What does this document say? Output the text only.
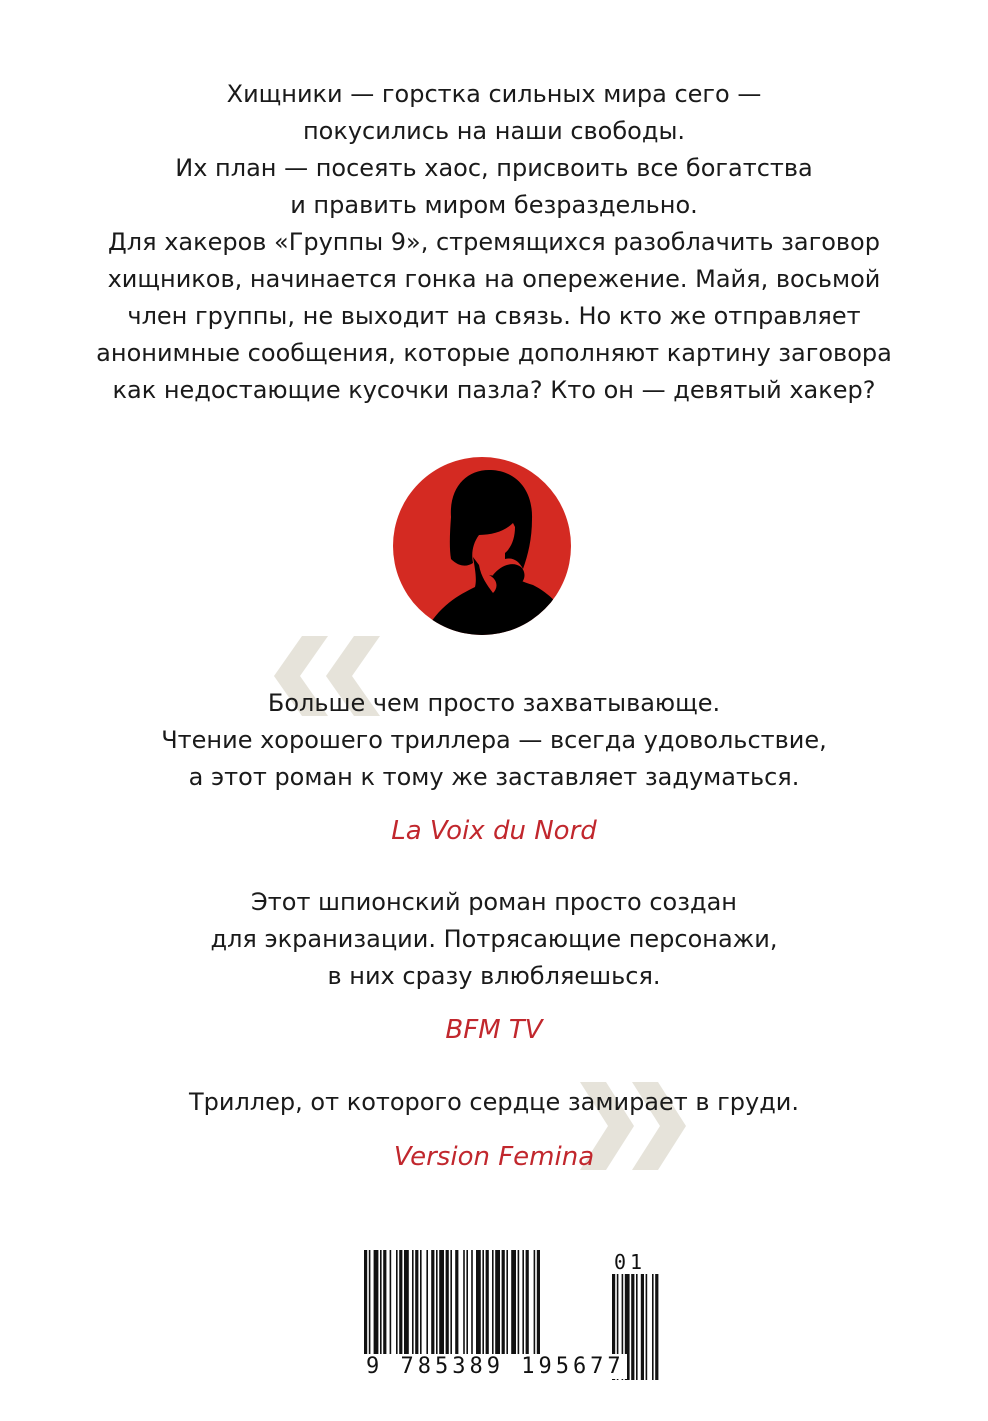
Хищники — горстка сильных мира сего —
покусились на наши свободы.
Их план — посеять хаос, присвоить все богатства
и править миром безраздельно.
Для хакеров «Группы 9», стремящихся разоблачить заговор
хищников, начинается гонка на опережение. Майя, восьмой
член группы, не выходит на связь. Но кто же отправляет
анонимные сообщения, которые дополняют картину заговора
как недостающие кусочки пазла? Кто он — девятый хакер?
Больше чем просто захватывающе.
Чтение хорошего триллера — всегда удовольствие,
а этот роман к тому же заставляет задуматься.
La Voix du Nord
Этот шпионский роман просто создан
для экранизации. Потрясающие персонажи,
в них сразу влюбляешься.
BFM TV
Триллер, от которого сердце замирает в груди.
Version Femina
01
9 785389 195677
